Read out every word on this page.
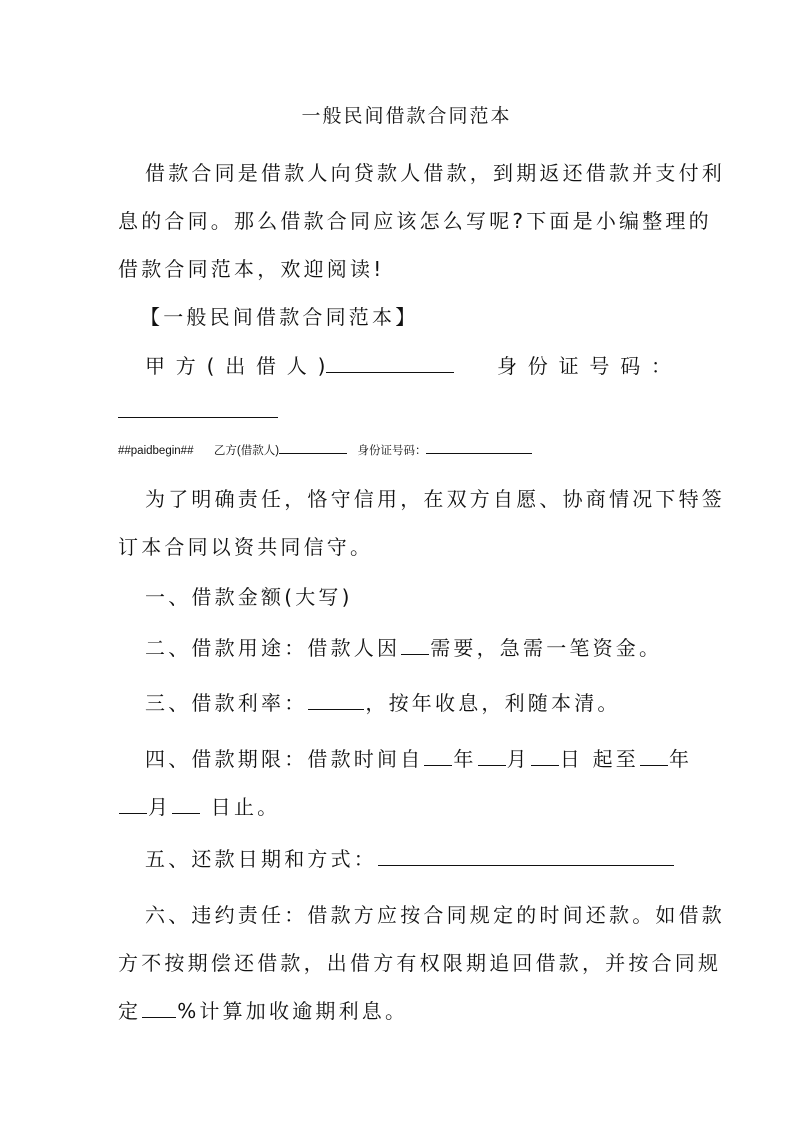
一般民间借款合同范本
借款合同是借款人向贷款人借款，到期返还借款并支付利
息的合同。那么借款合同应该怎么写呢?下面是小编整理的
借款合同范本，欢迎阅读!
【一般民间借款合同范本】
甲 方 ( 出 借 人 )	身 份 证 号 码 ：
##paidbegin## 乙方(借款人)	身份证号码：
为了明确责任，恪守信用，在双方自愿、协商情况下特签
订本合同以资共同信守。
一、借款金额(大写)
二、借款用途：借款人因 需要，急需一笔资金。
三、借款利率：	，按年收息，利随本清。
四、借款期限：借款时间自 年 月 日 起至 年
月 日止。
五、还款日期和方式：
六、违约责任：借款方应按合同规定的时间还款。如借款
方不按期偿还借款，出借方有权限期追回借款，并按合同规
定 %计算加收逾期利息。
